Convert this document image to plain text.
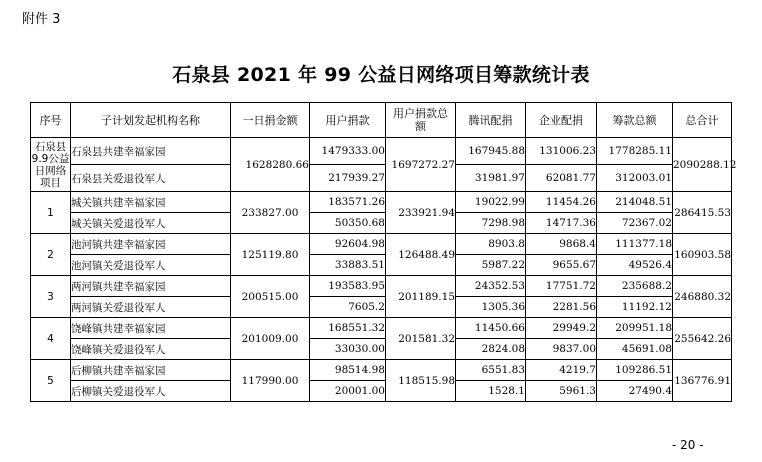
附件 3
石泉县 2021 年 99 公益日网络项目筹款统计表
序号	子计划发起机构名称	一日捐金额	用户捐款	用户捐款总额	腾讯配捐	企业配捐	筹款总额	总合计
石泉县9.9公益日网络项目	石泉县共建幸福家园	1628280.66	1479333.00	1697272.27	167945.88	131006.23	1778285.11	2090288.12
	石泉县关爱退役军人		217939.27		31981.97	62081.77	312003.01	
1	城关镇共建幸福家园	233827.00	183571.26	233921.94	19022.99	11454.26	214048.51	286415.53
	城关镇关爱退役军人		50350.68		7298.98	14717.36	72367.02	
2	池河镇共建幸福家园	125119.80	92604.98	126488.49	8903.8	9868.4	111377.18	160903.58
	池河镇关爱退役军人		33883.51		5987.22	9655.67	49526.4	
3	两河镇共建幸福家园	200515.00	193583.95	201189.15	24352.53	17751.72	235688.2	246880.32
	两河镇关爱退役军人		7605.2		1305.36	2281.56	11192.12	
4	饶峰镇共建幸福家园	201009.00	168551.32	201581.32	11450.66	29949.2	209951.18	255642.26
	饶峰镇关爱退役军人		33030.00		2824.08	9837.00	45691.08	
5	后柳镇共建幸福家园	117990.00	98514.98	118515.98	6551.83	4219.7	109286.51	136776.91
	后柳镇关爱退役军人		20001.00		1528.1	5961.3	27490.4	
- 20 -
